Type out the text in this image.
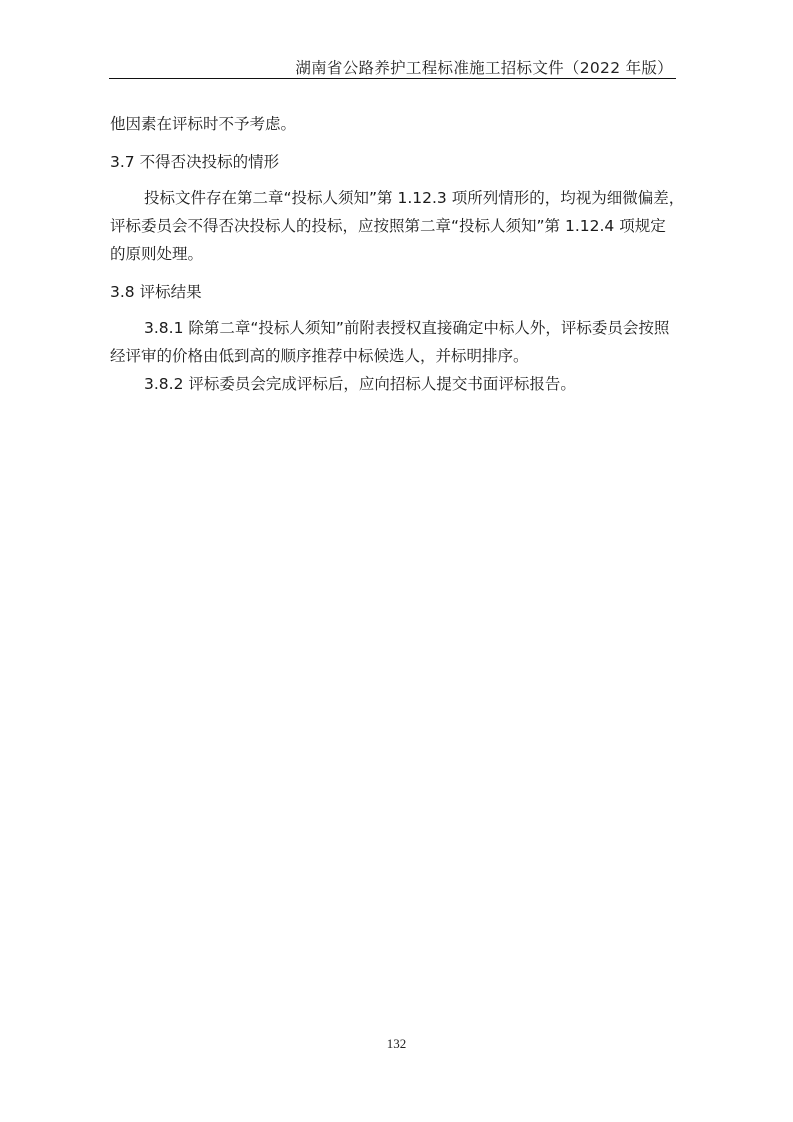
湖南省公路养护工程标准施工招标文件（2022 年版）
他因素在评标时不予考虑。
3.7 不得否决投标的情形
投标文件存在第二章“投标人须知”第 1.12.3 项所列情形的，均视为细微偏差，
评标委员会不得否决投标人的投标，应按照第二章“投标人须知”第 1.12.4 项规定
的原则处理。
3.8 评标结果
3.8.1 除第二章“投标人须知”前附表授权直接确定中标人外，评标委员会按照
经评审的价格由低到高的顺序推荐中标候选人，并标明排序。
3.8.2 评标委员会完成评标后，应向招标人提交书面评标报告。
132
